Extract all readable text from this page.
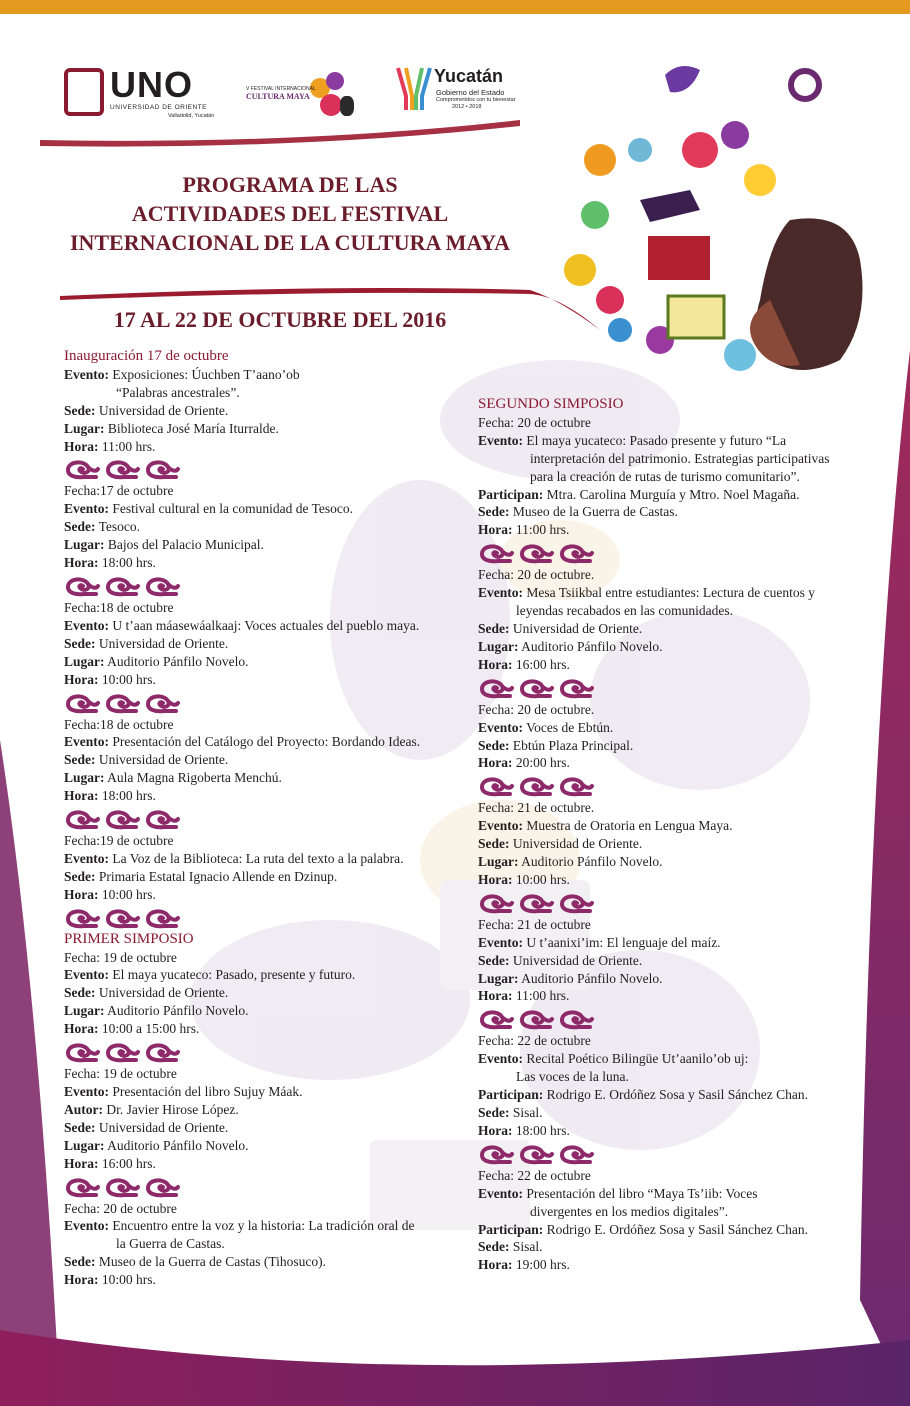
UNO
UNIVERSIDAD DE ORIENTE
Valladolid, Yucatán
V FESTIVAL INTERNACIONAL
CULTURA MAYA
Yucatán
Gobierno del Estado
Comprometidos con tu bienestar
2012 • 2018
PROGRAMA DE LAS
ACTIVIDADES DEL FESTIVAL
INTERNACIONAL DE LA CULTURA MAYA
17 AL 22 DE OCTUBRE DEL 2016

Inauguración 17 de octubre

Evento: Exposiciones: Úuchben T’aano’ob

“Palabras ancestrales”.

Sede: Universidad de Oriente.

Lugar: Biblioteca José María Iturralde.

Hora: 11:00 hrs.

Fecha:17 de octubre

Evento: Festival cultural en la comunidad de Tesoco.

Sede: Tesoco.

Lugar: Bajos del Palacio Municipal.

Hora: 18:00 hrs.

Fecha:18 de octubre

Evento: U t’aan máasewáalkaaj: Voces actuales del pueblo maya.

Sede: Universidad de Oriente.

Lugar: Auditorio Pánfilo Novelo.

Hora: 10:00 hrs.

Fecha:18 de octubre

Evento: Presentación del Catálogo del Proyecto: Bordando Ideas.

Sede: Universidad de Oriente.

Lugar: Aula Magna Rigoberta Menchú.

Hora: 18:00 hrs.

Fecha:19 de octubre

Evento: La Voz de la Biblioteca: La ruta del texto a la palabra.

Sede: Primaria Estatal Ignacio Allende en Dzinup.

Hora: 10:00 hrs.

PRIMER SIMPOSIO

Fecha: 19 de octubre

Evento: El maya yucateco: Pasado, presente y futuro.

Sede: Universidad de Oriente.

Lugar: Auditorio Pánfilo Novelo.

Hora: 10:00 a 15:00 hrs.

Fecha: 19 de octubre

Evento: Presentación del libro Sujuy Máak.

Autor: Dr. Javier Hirose López.

Sede: Universidad de Oriente.

Lugar: Auditorio Pánfilo Novelo.

Hora: 16:00 hrs.

Fecha: 20 de octubre

Evento: Encuentro entre la voz y la historia: La tradición oral de

la Guerra de Castas.

Sede: Museo de la Guerra de Castas (Tihosuco).

Hora: 10:00 hrs.

SEGUNDO SIMPOSIO

Fecha: 20 de octubre

Evento: El maya yucateco: Pasado presente y futuro “La

interpretación del patrimonio. Estrategias participativas

para la creación de rutas de turismo comunitario”.

Participan: Mtra. Carolina Murguía y Mtro. Noel Magaña.

Sede: Museo de la Guerra de Castas.

Hora: 11:00 hrs.

Fecha: 20 de octubre.

Evento: Mesa Tsiikbal entre estudiantes: Lectura de cuentos y

leyendas recabados en las comunidades.

Sede: Universidad de Oriente.

Lugar: Auditorio Pánfilo Novelo.

Hora: 16:00 hrs.

Fecha: 20 de octubre.

Evento: Voces de Ebtún.

Sede: Ebtún Plaza Principal.

Hora: 20:00 hrs.

Fecha: 21 de octubre.

Evento: Muestra de Oratoria en Lengua Maya.

Sede: Universidad de Oriente.

Lugar: Auditorio Pánfilo Novelo.

Hora: 10:00 hrs.

Fecha: 21 de octubre

Evento: U t’aanixi’im: El lenguaje del maíz.

Sede: Universidad de Oriente.

Lugar: Auditorio Pánfilo Novelo.

Hora: 11:00 hrs.

Fecha: 22 de octubre

Evento: Recital Poético Bilingüe Ut’aanilo’ob uj:

Las voces de la luna.

Participan: Rodrigo E. Ordóñez Sosa y Sasil Sánchez Chan.

Sede: Sisal.

Hora: 18:00 hrs.

Fecha: 22 de octubre

Evento: Presentación del libro “Maya Ts’iib: Voces

divergentes en los medios digitales”.

Participan: Rodrigo E. Ordóñez Sosa y Sasil Sánchez Chan.

Sede: Sisal.

Hora: 19:00 hrs.
